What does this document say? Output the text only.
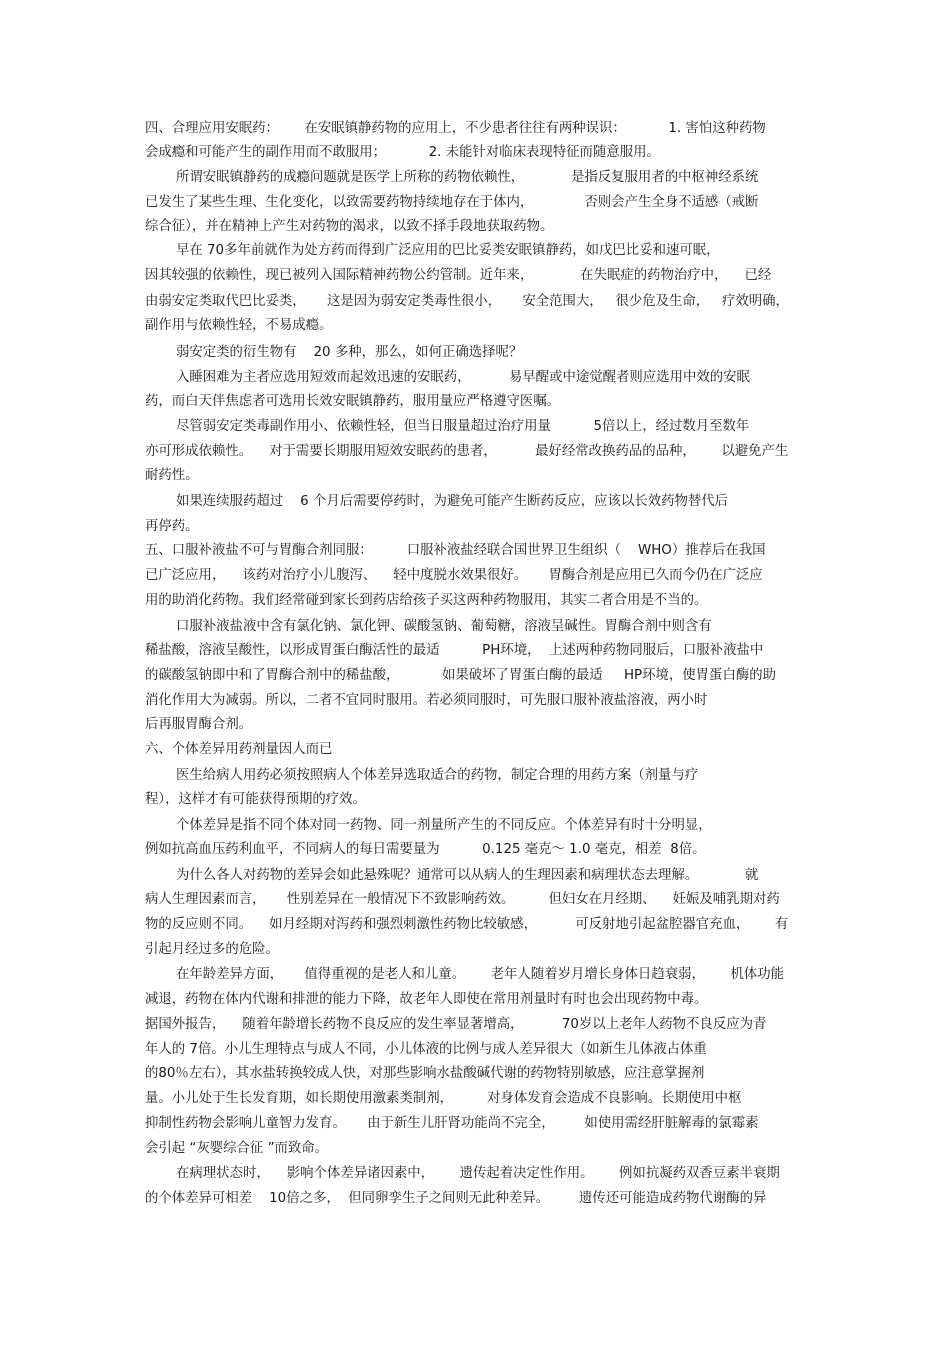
四、合理应用安眠药：      在安眠镇静药物的应用上，不少患者往往有两种误识：          1. 害怕这种药物
会成瘾和可能产生的副作用而不敢服用；          2. 未能针对临床表现特征而随意服用。
所谓安眠镇静药的成瘾问题就是医学上所称的药物依赖性，           是指反复服用者的中枢神经系统
已发生了某些生理、生化变化，以致需要药物持续地存在于体内，            否则会产生全身不适感（戒断
综合征），并在精神上产生对药物的渴求，以致不择手段地获取药物。
早在 70多年前就作为处方药而得到广泛应用的巴比妥类安眠镇静药，如戊巴比妥和速可眠，
因其较强的依赖性，现已被列入国际精神药物公约管制。近年来，           在失眠症的药物治疗中，    已经
由弱安定类取代巴比妥类，     这是因为弱安定类毒性很小，     安全范围大，   很少危及生命，   疗效明确，
副作用与依赖性轻，不易成瘾。
弱安定类的衍生物有    20 多种，那么，如何正确选择呢？
入睡困难为主者应选用短效而起效迅速的安眠药，         易早醒或中途觉醒者则应选用中效的安眠
药，而白天伴焦虑者可选用长效安眠镇静药，服用量应严格遵守医嘱。
尽管弱安定类毒副作用小、依赖性轻，但当日服量超过治疗用量          5倍以上，经过数月至数年
亦可形成依赖性。    对于需要长期服用短效安眠药的患者，         最好经常改换药品的品种，      以避免产生
耐药性。
如果连续服药超过    6 个月后需要停药时，为避免可能产生断药反应，应该以长效药物替代后
再停药。
五、口服补液盐不可与胃酶合剂同服：        口服补液盐经联合国世界卫生组织（    WHO）推荐后在我国
已广泛应用，    该药对治疗小儿腹泻、    轻中度脱水效果很好。     胃酶合剂是应用已久而今仍在广泛应
用的助消化药物。我们经常碰到家长到药店给孩子买这两种药物服用，其实二者合用是不当的。
口服补液盐液中含有氯化钠、氯化钾、碳酸氢钠、葡萄糖，溶液呈碱性。胃酶合剂中则含有
稀盐酸，溶液呈酸性，以形成胃蛋白酶活性的最适          PH环境，  上述两种药物同服后，口服补液盐中
的碳酸氢钠即中和了胃酶合剂中的稀盐酸，          如果破坏了胃蛋白酶的最适     HP环境，使胃蛋白酶的助
消化作用大为减弱。所以，二者不宜同时服用。若必须同服时，可先服口服补液盐溶液，两小时
后再服胃酶合剂。
六、个体差异用药剂量因人而已
医生给病人用药必须按照病人个体差异选取适合的药物，制定合理的用药方案（剂量与疗
程），这样才有可能获得预期的疗效。
个体差异是指不同个体对同一药物、同一剂量所产生的不同反应。个体差异有时十分明显，
例如抗高血压药利血平，不同病人的每日需要量为          0.125 毫克～ 1.0 毫克，相差  8倍。
为什么各人对药物的差异会如此悬殊呢？通常可以从病人的生理因素和病理状态去理解。           就
病人生理因素而言，     性别差异在一般情况下不致影响药效。        但妇女在月经期、    妊娠及哺乳期对药
物的反应则不同。    如月经期对泻药和强烈刺激性药物比较敏感，         可反射地引起盆腔器官充血，      有
引起月经过多的危险。
在年龄差异方面，     值得重视的是老人和儿童。      老年人随着岁月增长身体日趋衰弱，      机体功能
减退，药物在体内代谢和排泄的能力下降，故老年人即使在常用剂量时有时也会出现药物中毒。
据国外报告，    随着年龄增长药物不良反应的发生率显著增高，         70岁以上老年人药物不良反应为青
年人的 7倍。小儿生理特点与成人不同，小儿体液的比例与成人差异很大（如新生儿体液占体重
的80％左右），其水盐转换较成人快，对那些影响水盐酸碱代谢的药物特别敏感，应注意掌握剂
量。小儿处于生长发育期，如长期使用激素类制剂，        对身体发育会造成不良影响。长期使用中枢
抑制性药物会影响儿童智力发育。     由于新生儿肝肾功能尚不完全，       如使用需经肝脏解毒的氯霉素
会引起 “灰婴综合征 ”而致命。
在病理状态时，    影响个体差异诸因素中，      遗传起着决定性作用。      例如抗凝药双香豆素半衰期
的个体差异可相差    10倍之多，  但同卵孪生子之间则无此种差异。       遗传还可能造成药物代谢酶的异
